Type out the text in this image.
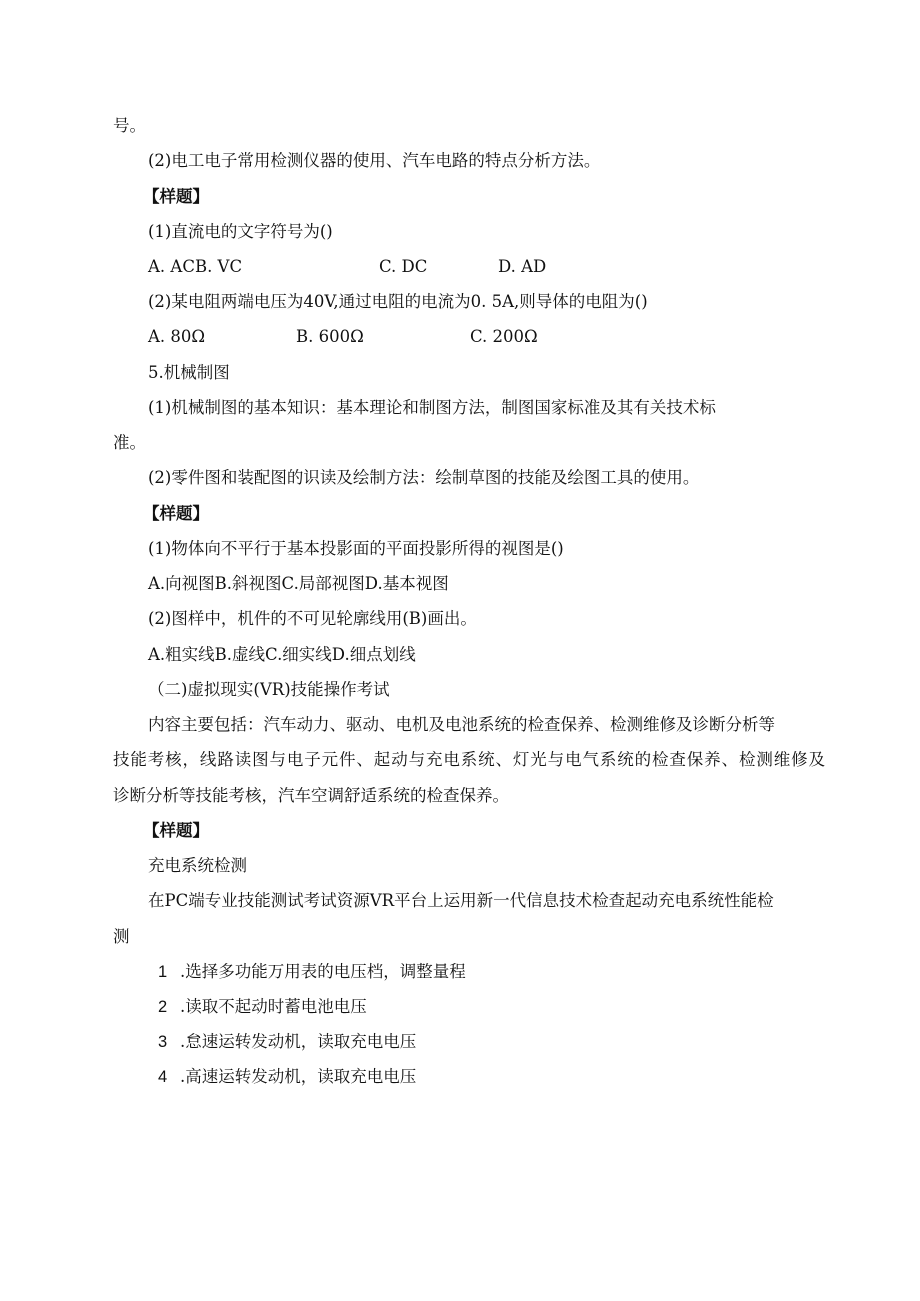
号。
(2)电工电子常用检测仪器的使用、汽车电路的特点分析方法。
【样题】
(1)直流电的文字符号为()
A. ACB. VC	C. DC	D. AD
(2)某电阻两端电压为40V,通过电阻的电流为0. 5A,则导体的电阻为()
A. 80Ω	B. 600Ω	C. 200Ω
5.机械制图
(1)机械制图的基本知识：基本理论和制图方法，制图国家标准及其有关技术标
准。
(2)零件图和装配图的识读及绘制方法：绘制草图的技能及绘图工具的使用。
【样题】
(1)物体向不平行于基本投影面的平面投影所得的视图是()
A.向视图B.斜视图C.局部视图D.基本视图
(2)图样中，机件的不可见轮廓线用(B)画出。
A.粗实线B.虚线C.细实线D.细点划线
（二)虚拟现实(VR)技能操作考试
内容主要包括：汽车动力、驱动、电机及电池系统的检查保养、检测维修及诊断分析等
技能考核，线路读图与电子元件、起动与充电系统、灯光与电气系统的检查保养、检测维修及
诊断分析等技能考核，汽车空调舒适系统的检查保养。
【样题】
充电系统检测
在PC端专业技能测试考试资源VR平台上运用新一代信息技术检查起动充电系统性能检
测
1 .选择多功能万用表的电压档，调整量程
2 .读取不起动时蓄电池电压
3 .怠速运转发动机，读取充电电压
4 .高速运转发动机，读取充电电压
